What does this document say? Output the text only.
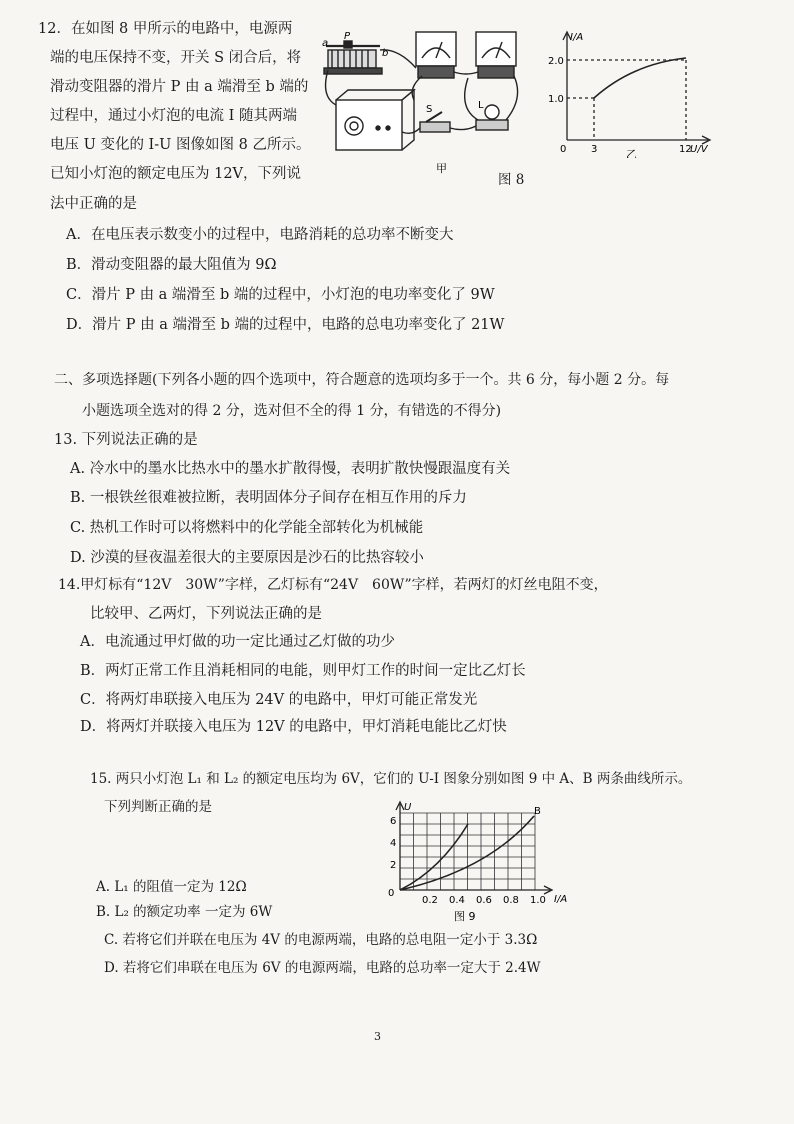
12．在如图 8 甲所示的电路中，电源两
端的电压保持不变，开关 S 闭合后，将
滑动变阻器的滑片 P 由 a 端滑至 b 端的
过程中，通过小灯泡的电流 I 随其两端
电压 U 变化的 I-U 图像如图 8 乙所示。
已知小灯泡的额定电压为 12V，下列说
法中正确的是
a
b
P
S	L
甲
I/A
U/V
0 3	12
1.0
2.0
乙
图 8
A．在电压表示数变小的过程中，电路消耗的总功率不断变大
B．滑动变阻器的最大阻值为 9Ω
C．滑片 P 由 a 端滑至 b 端的过程中，小灯泡的电功率变化了 9W
D．滑片 P 由 a 端滑至 b 端的过程中，电路的总电功率变化了 21W
二、多项选择题(下列各小题的四个选项中，符合题意的选项均多于一个。共 6 分，每小题 2 分。每
小题选项全选对的得 2 分，选对但不全的得 1 分，有错选的不得分)
13. 下列说法正确的是
A. 冷水中的墨水比热水中的墨水扩散得慢，表明扩散快慢跟温度有关
B. 一根铁丝很难被拉断，表明固体分子间存在相互作用的斥力
C. 热机工作时可以将燃料中的化学能全部转化为机械能
D. 沙漠的昼夜温差很大的主要原因是沙石的比热容较小
14.甲灯标有“12V　30W”字样，乙灯标有“24V　60W”字样，若两灯的灯丝电阻不变，
比较甲、乙两灯，下列说法正确的是
A．电流通过甲灯做的功一定比通过乙灯做的功少
B．两灯正常工作且消耗相同的电能，则甲灯工作的时间一定比乙灯长
C．将两灯串联接入电压为 24V 的电路中，甲灯可能正常发光
D．将两灯并联接入电压为 12V 的电路中，甲灯消耗电能比乙灯快
15. 两只小灯泡 L₁ 和 L₂ 的额定电压均为 6V，它们的 U-I 图象分别如图 9 中 A、B 两条曲线所示。
下列判断正确的是	U
I/A
0
0.2 0.4 0.6 0.8 1.0
2
4
6
B
图 9
A. L₁ 的阻值一定为 12Ω
B. L₂ 的额定功率 一定为 6W
C. 若将它们并联在电压为 4V 的电源两端，电路的总电阻一定小于 3.3Ω
D. 若将它们串联在电压为 6V 的电源两端，电路的总功率一定大于 2.4W
3
